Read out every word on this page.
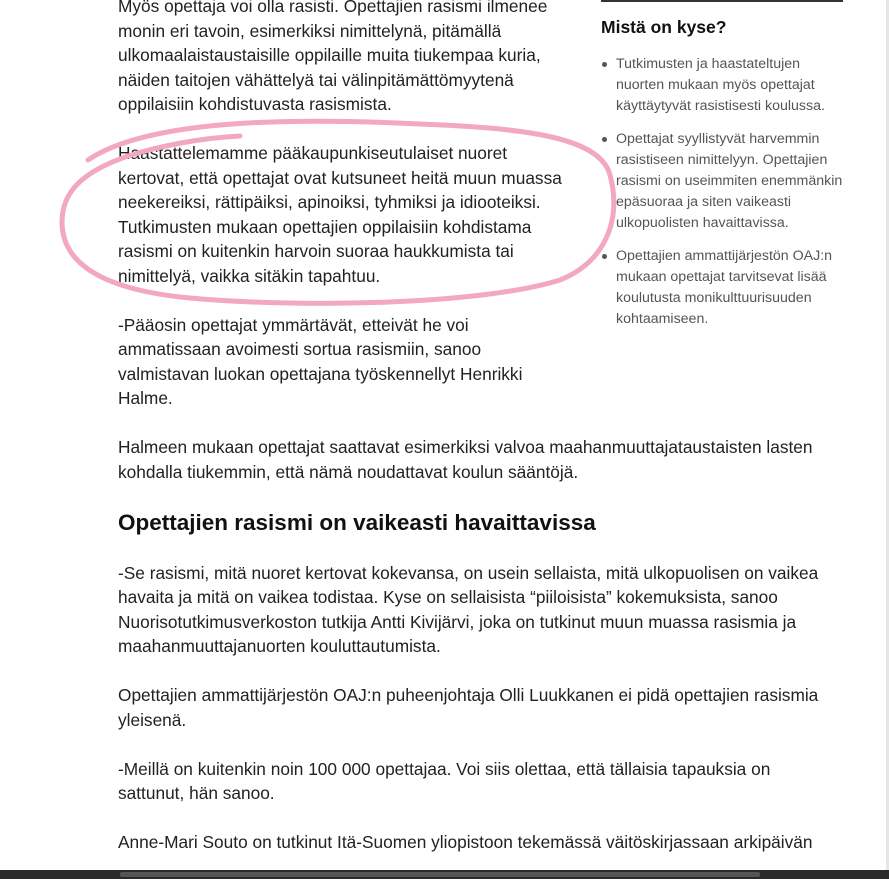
Myös opettaja voi olla rasisti. Opettajien rasismi ilmenee monin eri tavoin, esimerkiksi nimittelynä, pitämällä ulkomaalaistaustaisille oppilaille muita tiukempaa kuria, näiden taitojen vähättelyä tai välinpitämättömyytenä oppilaisiin kohdistuvasta rasismista.

Haastattelemamme pääkaupunkiseutulaiset nuoret kertovat, että opettajat ovat kutsuneet heitä muun muassa neekereiksi, rättipäiksi, apinoiksi, tyhmiksi ja idiooteiksi. Tutkimusten mukaan opettajien oppilaisiin kohdistama rasismi on kuitenkin harvoin suoraa haukkumista tai nimittelyä, vaikka sitäkin tapahtuu.

-Pääosin opettajat ymmärtävät, etteivät he voi ammatissaan avoimesti sortua rasismiin, sanoo valmistavan luokan opettajana työskennellyt Henrikki Halme.

Halmeen mukaan opettajat saattavat esimerkiksi valvoa maahanmuuttajataustaisten lasten kohdalla tiukemmin, että nämä noudattavat koulun sääntöjä.

Opettajien rasismi on vaikeasti havaittavissa

-Se rasismi, mitä nuoret kertovat kokevansa, on usein sellaista, mitä ulkopuolisen on vaikea havaita ja mitä on vaikea todistaa. Kyse on sellaisista “piiloisista” kokemuksista, sanoo Nuorisotutkimusverkoston tutkija Antti Kivijärvi, joka on tutkinut muun muassa rasismia ja maahanmuuttajanuorten kouluttautumista.

Opettajien ammattijärjestön OAJ:n puheenjohtaja Olli Luukkanen ei pidä opettajien rasismia yleisenä.

-Meillä on kuitenkin noin 100 000 opettajaa. Voi siis olettaa, että tällaisia tapauksia on sattunut, hän sanoo.

Anne-Mari Souto on tutkinut Itä-Suomen yliopistoon tekemässä väitöskirjassaan arkipäivän

Mistä on kyse?
Tutkimusten ja haastateltujen nuorten mukaan myös opettajat käyttäytyvät rasistisesti koulussa.
Opettajat syyllistyvät harvemmin rasistiseen nimittelyyn. Opettajien rasismi on useimmiten enemmänkin epäsuoraa ja siten vaikeasti ulkopuolisten havaittavissa.
Opettajien ammattijärjestön OAJ:n mukaan opettajat tarvitsevat lisää koulutusta monikulttuurisuuden kohtaamiseen.
